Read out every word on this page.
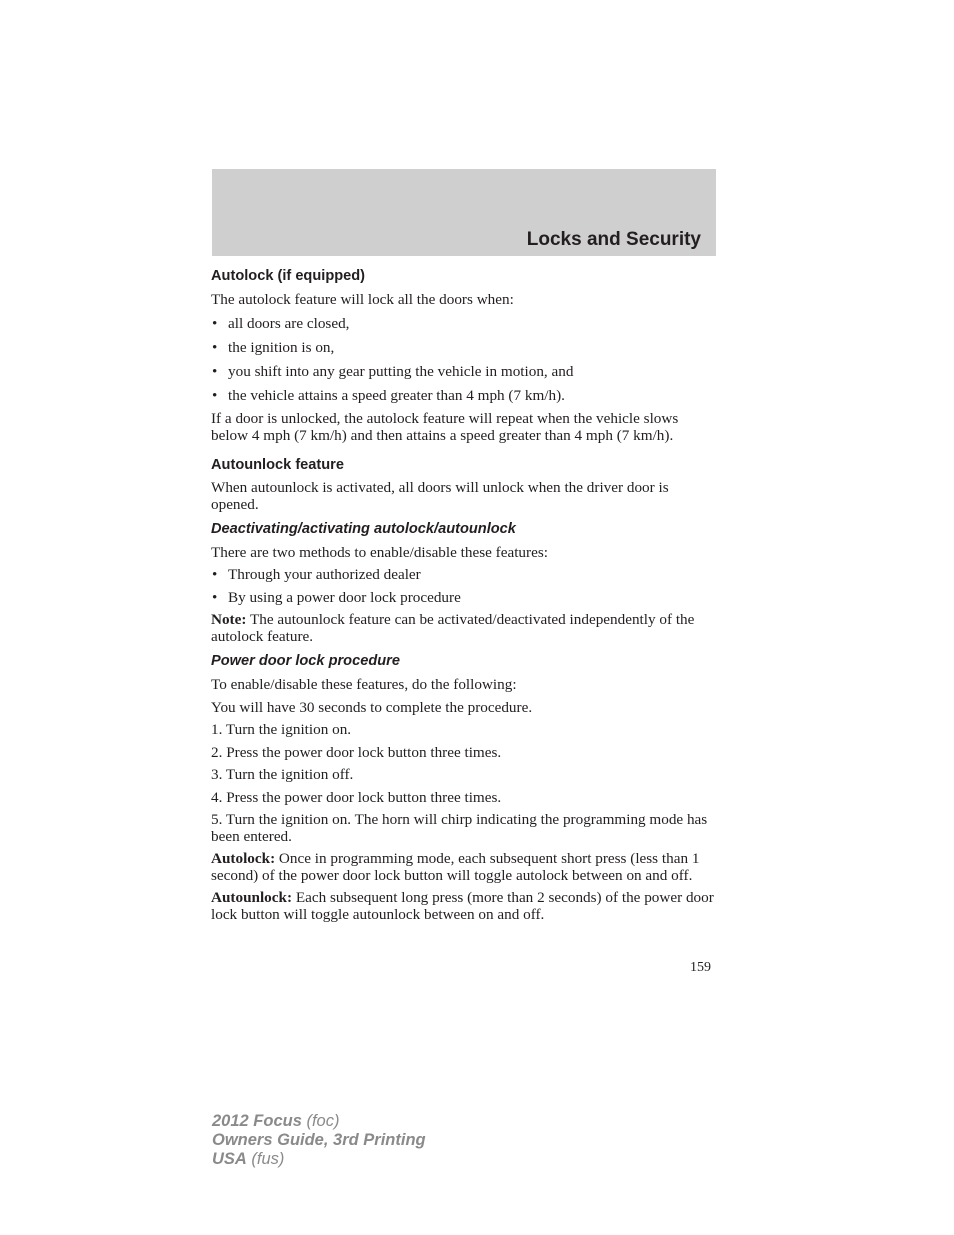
Locks and Security
Autolock (if equipped)

The autolock feature will lock all the doors when:

• all doors are closed,
• the ignition is on,
• you shift into any gear putting the vehicle in motion, and
• the vehicle attains a speed greater than 4 mph (7 km/h).

If a door is unlocked, the autolock feature will repeat when the vehicle slows below 4 mph (7 km/h) and then attains a speed greater than 4 mph (7 km/h).

Autounlock feature

When autounlock is activated, all doors will unlock when the driver door is opened.

Deactivating/activating autolock/autounlock

There are two methods to enable/disable these features:

• Through your authorized dealer
• By using a power door lock procedure

Note: The autounlock feature can be activated/deactivated independently of the autolock feature.

Power door lock procedure

To enable/disable these features, do the following:

You will have 30 seconds to complete the procedure.

1. Turn the ignition on.

2. Press the power door lock button three times.

3. Turn the ignition off.

4. Press the power door lock button three times.

5. Turn the ignition on. The horn will chirp indicating the programming mode has been entered.

Autolock: Once in programming mode, each subsequent short press (less than 1 second) of the power door lock button will toggle autolock between on and off.

Autounlock: Each subsequent long press (more than 2 seconds) of the power door lock button will toggle autounlock between on and off.

159
2012 Focus (foc)
Owners Guide, 3rd Printing
USA (fus)
